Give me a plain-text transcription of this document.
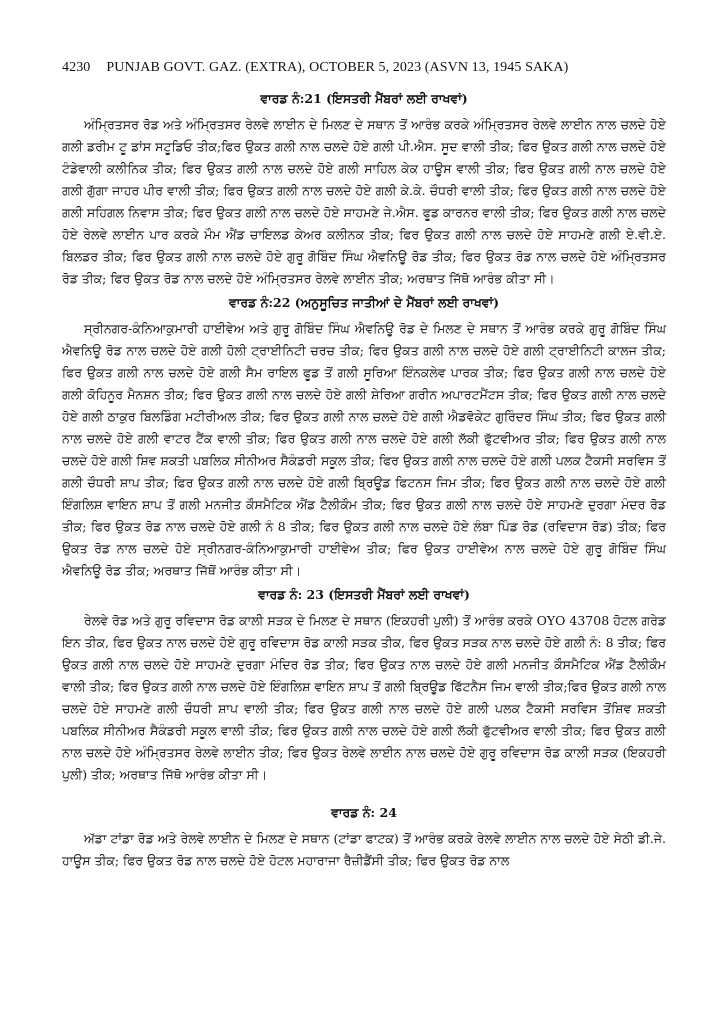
4230 PUNJAB GOVT. GAZ. (EXTRA), OCTOBER 5, 2023 (ASVN 13, 1945 SAKA)
ਵਾਰਡ ਨੰ:21 (ਇਸਤਰੀ ਮੈਂਬਰਾਂ ਲਈ ਰਾਖਵਾਂ)

ਅੰਮ੍ਰਿਤਸਰ ਰੋਡ ਅਤੇ ਅੰਮ੍ਰਿਤਸਰ ਰੇਲਵੇ ਲਾਈਨ ਦੇ ਮਿਲਣ ਦੇ ਸਥਾਨ ਤੋਂ ਆਰੰਭ ਕਰਕੇ ਅੰਮ੍ਰਿਤਸਰ ਰੇਲਵੇ ਲਾਈਨ ਨਾਲ ਚਲਦੇ ਹੋਏ ਗਲੀ ਡਰੀਮ ਟੂ ਡਾਂਸ ਸਟੂਡਿਓ ਤੀਕ;ਫਿਰ ਉਕਤ ਗਲੀ ਨਾਲ ਚਲਦੇ ਹੋਏ ਗਲੀ ਪੀ.ਐਸ. ਸੂਦ ਵਾਲੀ ਤੀਕ; ਫਿਰ ਉਕਤ ਗਲੀ ਨਾਲ ਚਲਦੇ ਹੋਏ ਟੰਡੇਵਾਲੀ ਕਲੀਨਿਕ ਤੀਕ; ਫਿਰ ਉਕਤ ਗਲੀ ਨਾਲ ਚਲਦੇ ਹੋਏ ਗਲੀ ਸਾਹਿਲ ਕੇਕ ਹਾਊਸ ਵਾਲੀ ਤੀਕ; ਫਿਰ ਉਕਤ ਗਲੀ ਨਾਲ ਚਲਦੇ ਹੋਏ ਗਲੀ ਗੁੱਗਾ ਜਾਹਰ ਪੀਰ ਵਾਲੀ ਤੀਕ; ਫਿਰ ਉਕਤ ਗਲੀ ਨਾਲ ਚਲਦੇ ਹੋਏ ਗਲੀ ਕੇ.ਕੇ. ਚੌਧਰੀ ਵਾਲੀ ਤੀਕ; ਫਿਰ ਉਕਤ ਗਲੀ ਨਾਲ ਚਲਦੇ ਹੋਏ ਗਲੀ ਸਹਿਗਲ ਨਿਵਾਸ ਤੀਕ; ਫਿਰ ਉਕਤ ਗਲੀ ਨਾਲ ਚਲਦੇ ਹੋਏ ਸਾਹਮਣੇ ਜੇ.ਐਸ. ਫੂਡ ਕਾਰਨਰ ਵਾਲੀ ਤੀਕ; ਫਿਰ ਉਕਤ ਗਲੀ ਨਾਲ ਚਲਦੇ ਹੋਏ ਰੇਲਵੇ ਲਾਈਨ ਪਾਰ ਕਰਕੇ ਮੌਮ ਐਂਡ ਚਾਇਲਡ ਕੇਅਰ ਕਲੀਨਕ ਤੀਕ; ਫਿਰ ਉਕਤ ਗਲੀ ਨਾਲ ਚਲਦੇ ਹੋਏ ਸਾਹਮਣੇ ਗਲੀ ਏ.ਵੀ.ਏ. ਬਿਲਡਰ ਤੀਕ; ਫਿਰ ਉਕਤ ਗਲੀ ਨਾਲ ਚਲਦੇ ਹੋਏ ਗੁਰੂ ਗੋਬਿੰਦ ਸਿੰਘ ਐਵਨਿਊ ਰੋਡ ਤੀਕ; ਫਿਰ ਉਕਤ ਰੋਡ ਨਾਲ ਚਲਦੇ ਹੋਏ ਅੰਮ੍ਰਿਤਸਰ ਰੋਡ ਤੀਕ; ਫਿਰ ਉਕਤ ਰੋਡ ਨਾਲ ਚਲਦੇ ਹੋਏ ਅੰਮ੍ਰਿਤਸਰ ਰੇਲਵੇ ਲਾਈਨ ਤੀਕ; ਅਰਥਾਤ ਜਿੱਥੋ ਆਰੰਭ ਕੀਤਾ ਸੀ।

ਵਾਰਡ ਨੰ:22 (ਅਨੁਸੂਚਿਤ ਜਾਤੀਆਂ ਦੇ ਮੈਂਬਰਾਂ ਲਈ ਰਾਖਵਾਂ)

ਸ੍ਰੀਨਗਰ-ਕੰਨਿਆਕੁਮਾਰੀ ਹਾਈਵੇਅ ਅਤੇ ਗੁਰੂ ਗੋਬਿੰਦ ਸਿੰਘ ਐਵਨਿਊ ਰੋਡ ਦੇ ਮਿਲਣ ਦੇ ਸਥਾਨ ਤੋਂ ਆਰੰਭ ਕਰਕੇ ਗੁਰੂ ਗੋਬਿੰਦ ਸਿੰਘ ਐਵਨਿਊ ਰੋਡ ਨਾਲ ਚਲਦੇ ਹੋਏ ਗਲੀ ਹੋਲੀ ਟ੍ਰਾਈਨਿਟੀ ਚਰਚ ਤੀਕ; ਫਿਰ ਉਕਤ ਗਲੀ ਨਾਲ ਚਲਦੇ ਹੋਏ ਗਲੀ ਟ੍ਰਾਈਨਿਟੀ ਕਾਲਜ ਤੀਕ; ਫਿਰ ਉਕਤ ਗਲੀ ਨਾਲ ਚਲਦੇ ਹੋਏ ਗਲੀ ਸੈਮ ਰਾਇਲ ਫੂਡ ਤੋਂ ਗਲੀ ਸੂਰਿਆ ਇੰਨਕਲੇਵ ਪਾਰਕ ਤੀਕ; ਫਿਰ ਉਕਤ ਗਲੀ ਨਾਲ ਚਲਦੇ ਹੋਏ ਗਲੀ ਕੋਹਿਨੂਰ ਮੈਨਸ਼ਨ ਤੀਕ; ਫਿਰ ਉਕਤ ਗਲੀ ਨਾਲ ਚਲਦੇ ਹੋਏ ਗਲੀ ਸ਼ੇਰਿਆ ਗਰੀਨ ਅਪਾਰਟਮੈਂਟਸ ਤੀਕ; ਫਿਰ ਉਕਤ ਗਲੀ ਨਾਲ ਚਲਦੇ ਹੋਏ ਗਲੀ ਠਾਕੁਰ ਬਿਲਡਿੰਗ ਮਟੀਰੀਅਲ ਤੀਕ; ਫਿਰ ਉਕਤ ਗਲੀ ਨਾਲ ਚਲਦੇ ਹੋਏ ਗਲੀ ਐਡਵੋਕੇਟ ਗੁਰਿੰਦਰ ਸਿੰਘ ਤੀਕ; ਫਿਰ ਉਕਤ ਗਲੀ ਨਾਲ ਚਲਦੇ ਹੋਏ ਗਲੀ ਵਾਟਰ ਟੈਂਕ ਵਾਲੀ ਤੀਕ; ਫਿਰ ਉਕਤ ਗਲੀ ਨਾਲ ਚਲਦੇ ਹੋਏ ਗਲੀ ਲੱਕੀ ਫੁੱਟਵੀਅਰ ਤੀਕ; ਫਿਰ ਉਕਤ ਗਲੀ ਨਾਲ ਚਲਦੇ ਹੋਏ ਗਲੀ ਸ਼ਿਵ ਸ਼ਕਤੀ ਪਬਲਿਕ ਸੀਨੀਅਰ ਸੈਕੰਡਰੀ ਸਕੂਲ ਤੀਕ; ਫਿਰ ਉਕਤ ਗਲੀ ਨਾਲ ਚਲਦੇ ਹੋਏ ਗਲੀ ਪਲਕ ਟੈਕਸੀ ਸਰਵਿਸ ਤੋਂ ਗਲੀ ਚੌਧਰੀ ਸ਼ਾਪ ਤੀਕ; ਫਿਰ ਉਕਤ ਗਲੀ ਨਾਲ ਚਲਦੇ ਹੋਏ ਗਲੀ ਬ੍ਰਿਊਡ ਫਿਟਨਸ ਜਿਮ ਤੀਕ; ਫਿਰ ਉਕਤ ਗਲੀ ਨਾਲ ਚਲਦੇ ਹੋਏ ਗਲੀ ਇੰਗਲਿਸ਼ ਵਾਇਨ ਸ਼ਾਪ ਤੋਂ ਗਲੀ ਮਨਜੀਤ ਕੌਸਮੈਟਿਕ ਐਂਡ ਟੈਲੀਕੌਮ ਤੀਕ; ਫਿਰ ਉਕਤ ਗਲੀ ਨਾਲ ਚਲਦੇ ਹੋਏ ਸਾਹਮਣੇ ਦੁਰਗਾ ਮੰਦਰ ਰੋਡ ਤੀਕ; ਫਿਰ ਉਕਤ ਰੋਡ ਨਾਲ ਚਲਦੇ ਹੋਏ ਗਲੀ ਨੰ 8 ਤੀਕ; ਫਿਰ ਉਕਤ ਗਲੀ ਨਾਲ ਚਲਦੇ ਹੋਏ ਲੰਬਾ ਪਿੰਡ ਰੋਡ (ਰਵਿਦਾਸ ਰੋਡ) ਤੀਕ; ਫਿਰ ਉਕਤ ਰੋਡ ਨਾਲ ਚਲਦੇ ਹੋਏ ਸ੍ਰੀਨਗਰ-ਕੰਨਿਆਕੁਮਾਰੀ ਹਾਈਵੇਅ ਤੀਕ; ਫਿਰ ਉਕਤ ਹਾਈਵੇਅ ਨਾਲ ਚਲਦੇ ਹੋਏ ਗੁਰੂ ਗੋਬਿੰਦ ਸਿੰਘ ਐਵਨਿਊ ਰੋਡ ਤੀਕ; ਅਰਥਾਤ ਜਿੱਥੋਂ ਆਰੰਭ ਕੀਤਾ ਸੀ।

ਵਾਰਡ ਨੰ: 23 (ਇਸਤਰੀ ਮੈਂਬਰਾਂ ਲਈ ਰਾਖਵਾਂ)

ਰੇਲਵੇ ਰੋਡ ਅਤੇ ਗੁਰੂ ਰਵਿਦਾਸ ਰੋਡ ਕਾਲੀ ਸੜਕ ਦੇ ਮਿਲਣ ਦੇ ਸਥਾਨ (ਇਕਹਰੀ ਪੁਲੀ) ਤੋਂ ਆਰੰਭ ਕਰਕੇ OYO 43708 ਹੋਟਲ ਗਰੇਡ ਇਨ ਤੀਕ, ਫਿਰ ਉਕਤ ਨਾਲ ਚਲਦੇ ਹੋਏ ਗੁਰੂ ਰਵਿਦਾਸ ਰੋਡ ਕਾਲੀ ਸੜਕ ਤੀਕ, ਫਿਰ ਉਕਤ ਸੜਕ ਨਾਲ ਚਲਦੇ ਹੋਏ ਗਲੀ ਨੰ: 8 ਤੀਕ; ਫਿਰ ਉਕਤ ਗਲੀ ਨਾਲ ਚਲਦੇ ਹੋਏ ਸਾਹਮਣੇ ਦੁਰਗਾ ਮੰਦਿਰ ਰੋਡ ਤੀਕ; ਫਿਰ ਉਕਤ ਨਾਲ ਚਲਦੇ ਹੋਏ ਗਲੀ ਮਨਜੀਤ ਕੌਸਮੈਟਿਕ ਐਂਡ ਟੈਲੀਕੌਮ ਵਾਲੀ ਤੀਕ; ਫਿਰ ਉਕਤ ਗਲੀ ਨਾਲ ਚਲਦੇ ਹੋਏ ਇੰਗਲਿਸ਼ ਵਾਇਨ ਸ਼ਾਪ ਤੋਂ ਗਲੀ ਬ੍ਰਿਊਡ ਫਿੱਟਨੈਸ ਜਿਮ ਵਾਲੀ ਤੀਕ;ਫਿਰ ਉਕਤ ਗਲੀ ਨਾਲ ਚਲਦੇ ਹੋਏ ਸਾਹਮਣੇ ਗਲੀ ਚੌਧਰੀ ਸ਼ਾਪ ਵਾਲੀ ਤੀਕ; ਫਿਰ ਉਕਤ ਗਲੀ ਨਾਲ ਚਲਦੇ ਹੋਏ ਗਲੀ ਪਲਕ ਟੈਕਸੀ ਸਰਵਿਸ ਤੋਂਸ਼ਿਵ ਸ਼ਕਤੀ ਪਬਲਿਕ ਸੀਨੀਅਰ ਸੈਕੰਡਰੀ ਸਕੂਲ ਵਾਲੀ ਤੀਕ; ਫਿਰ ਉਕਤ ਗਲੀ ਨਾਲ ਚਲਦੇ ਹੋਏ ਗਲੀ ਲੱਕੀ ਫੁੱਟਵੀਅਰ ਵਾਲੀ ਤੀਕ; ਫਿਰ ਉਕਤ ਗਲੀ ਨਾਲ ਚਲਦੇ ਹੋਏ ਅੰਮ੍ਰਿਤਸਰ ਰੇਲਵੇ ਲਾਈਨ ਤੀਕ; ਫਿਰ ਉਕਤ ਰੇਲਵੇ ਲਾਈਨ ਨਾਲ ਚਲਦੇ ਹੋਏ ਗੁਰੂ ਰਵਿਦਾਸ ਰੋਡ ਕਾਲੀ ਸੜਕ (ਇਕਹਰੀ ਪੁਲੀ) ਤੀਕ; ਅਰਥਾਤ ਜਿੱਥੋ ਆਰੰਭ ਕੀਤਾ ਸੀ।

ਵਾਰਡ ਨੰ: 24

ਅੱਡਾ ਟਾਂਡਾ ਰੋਡ ਅਤੇ ਰੇਲਵੇ ਲਾਈਨ ਦੇ ਮਿਲਣ ਦੇ ਸਥਾਨ (ਟਾਂਡਾ ਫਾਟਕ) ਤੋਂ ਆਰੰਭ ਕਰਕੇ ਰੇਲਵੇ ਲਾਈਨ ਨਾਲ ਚਲਦੇ ਹੋਏ ਸੇਠੀ ਡੀ.ਜੇ. ਹਾਊਸ ਤੀਕ; ਫਿਰ ਉਕਤ ਰੋਡ ਨਾਲ ਚਲਦੇ ਹੋਏ ਹੋਟਲ ਮਹਾਰਾਜਾ ਰੈਜ਼ੀਡੈਂਸੀ ਤੀਕ; ਫਿਰ ਉਕਤ ਰੋਡ ਨਾਲ
